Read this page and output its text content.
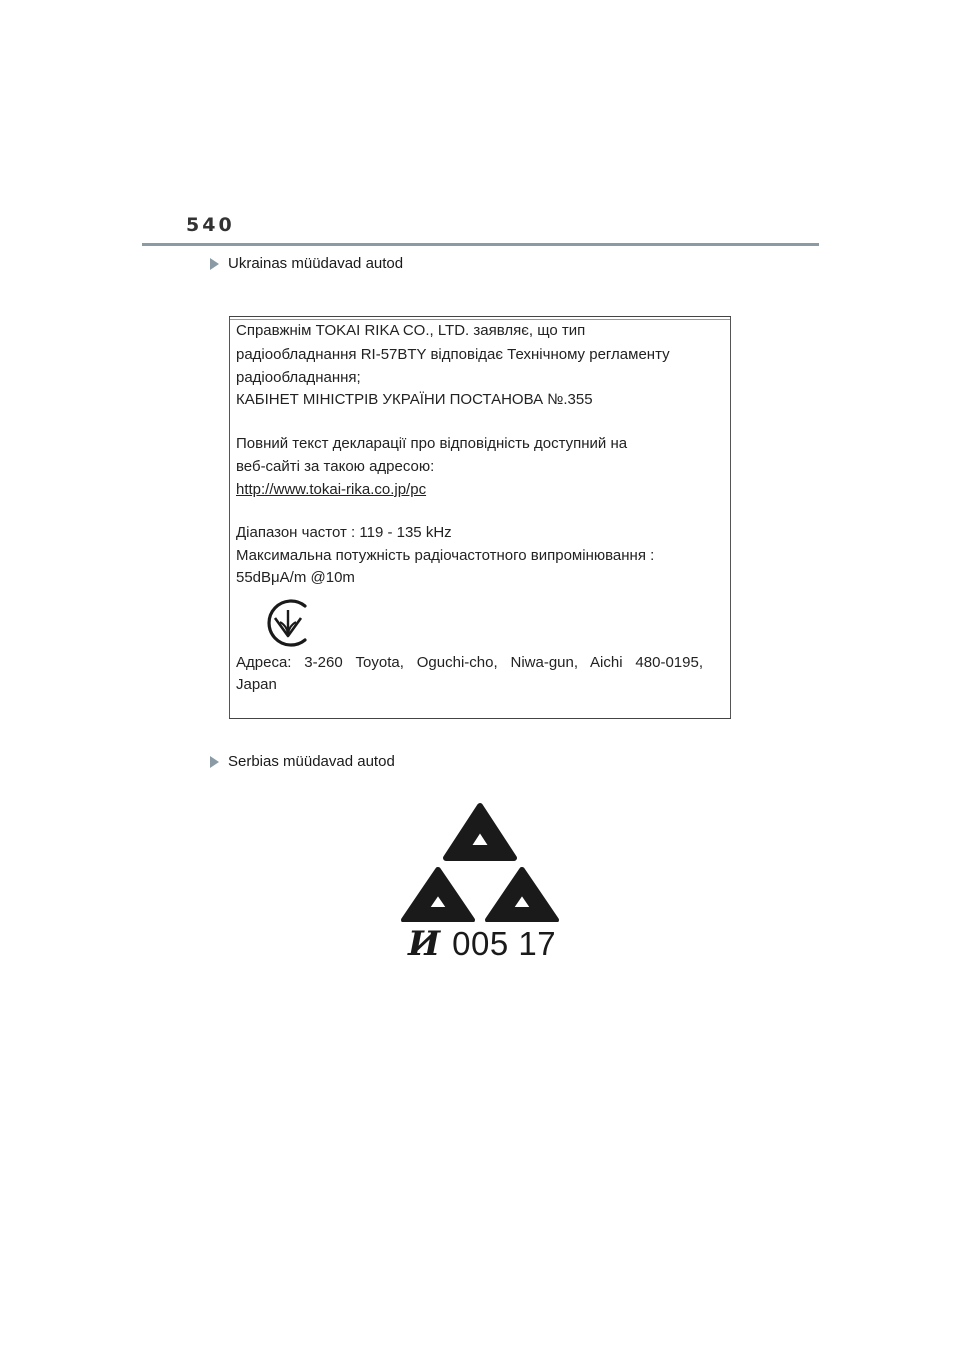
540
Ukrainas müüdavad autod
Справжнім TOKAI RIKA CO., LTD. заявляє, що тип
радіообладнання RI-57BTY відповідає Технічному регламенту
радіообладнання;
КАБІНЕТ МІНІСТРІВ УКРАЇНИ ПОСТАНОВА №.355
Повний текст декларації про відповідність доступний на
веб-сайті за такою адресою:
http://www.tokai-rika.co.jp/pc
Діапазон частот : 119 - 135 kHz
Максимальна потужність радіочастотного випромінювання :
55dBμA/m @10m
Адреса: 3-260 Toyota, Oguchi-cho, Niwa-gun, Aichi 480-0195,
Japan
Serbias müüdavad autod
И 005 17
